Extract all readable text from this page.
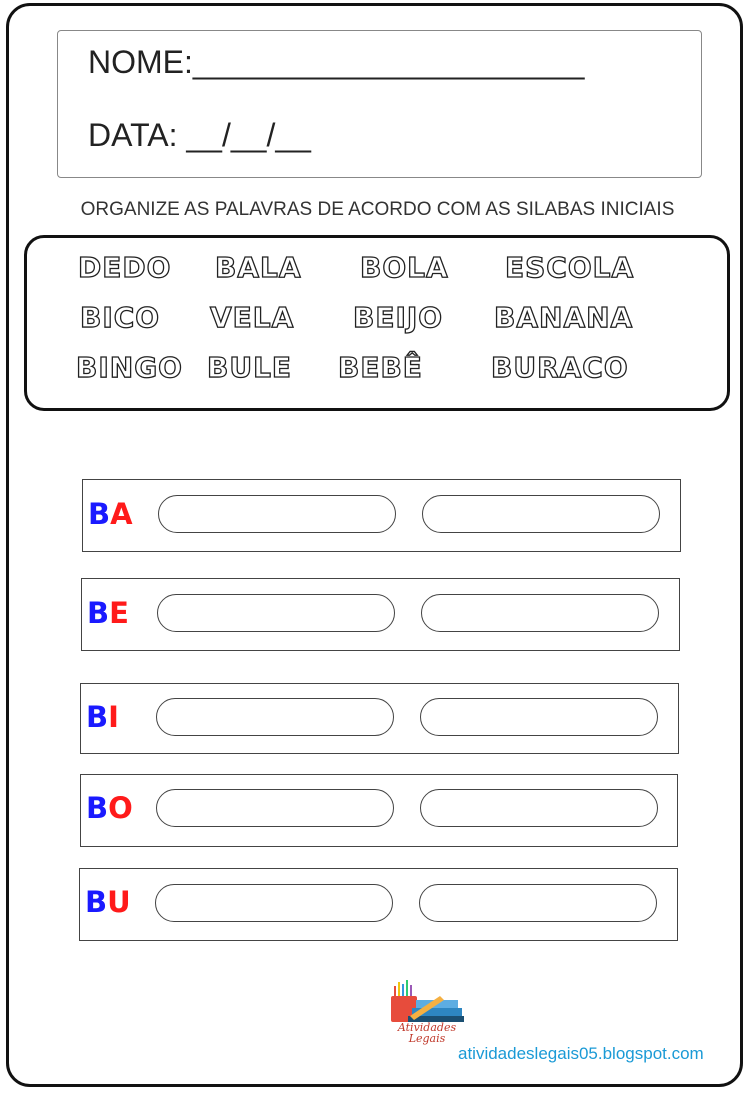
NOME:______________________
DATA: __/__/__
ORGANIZE AS PALAVRAS DE ACORDO COM AS SILABAS INICIAIS
DEDO BALA BOLA ESCOLA
BICO VELA BEIJO BANANA
BINGO BULE BEBÊ BURACO
BA
BE
BI
BO
BU
Atividades
Legais
atividadeslegais05.blogspot.com
